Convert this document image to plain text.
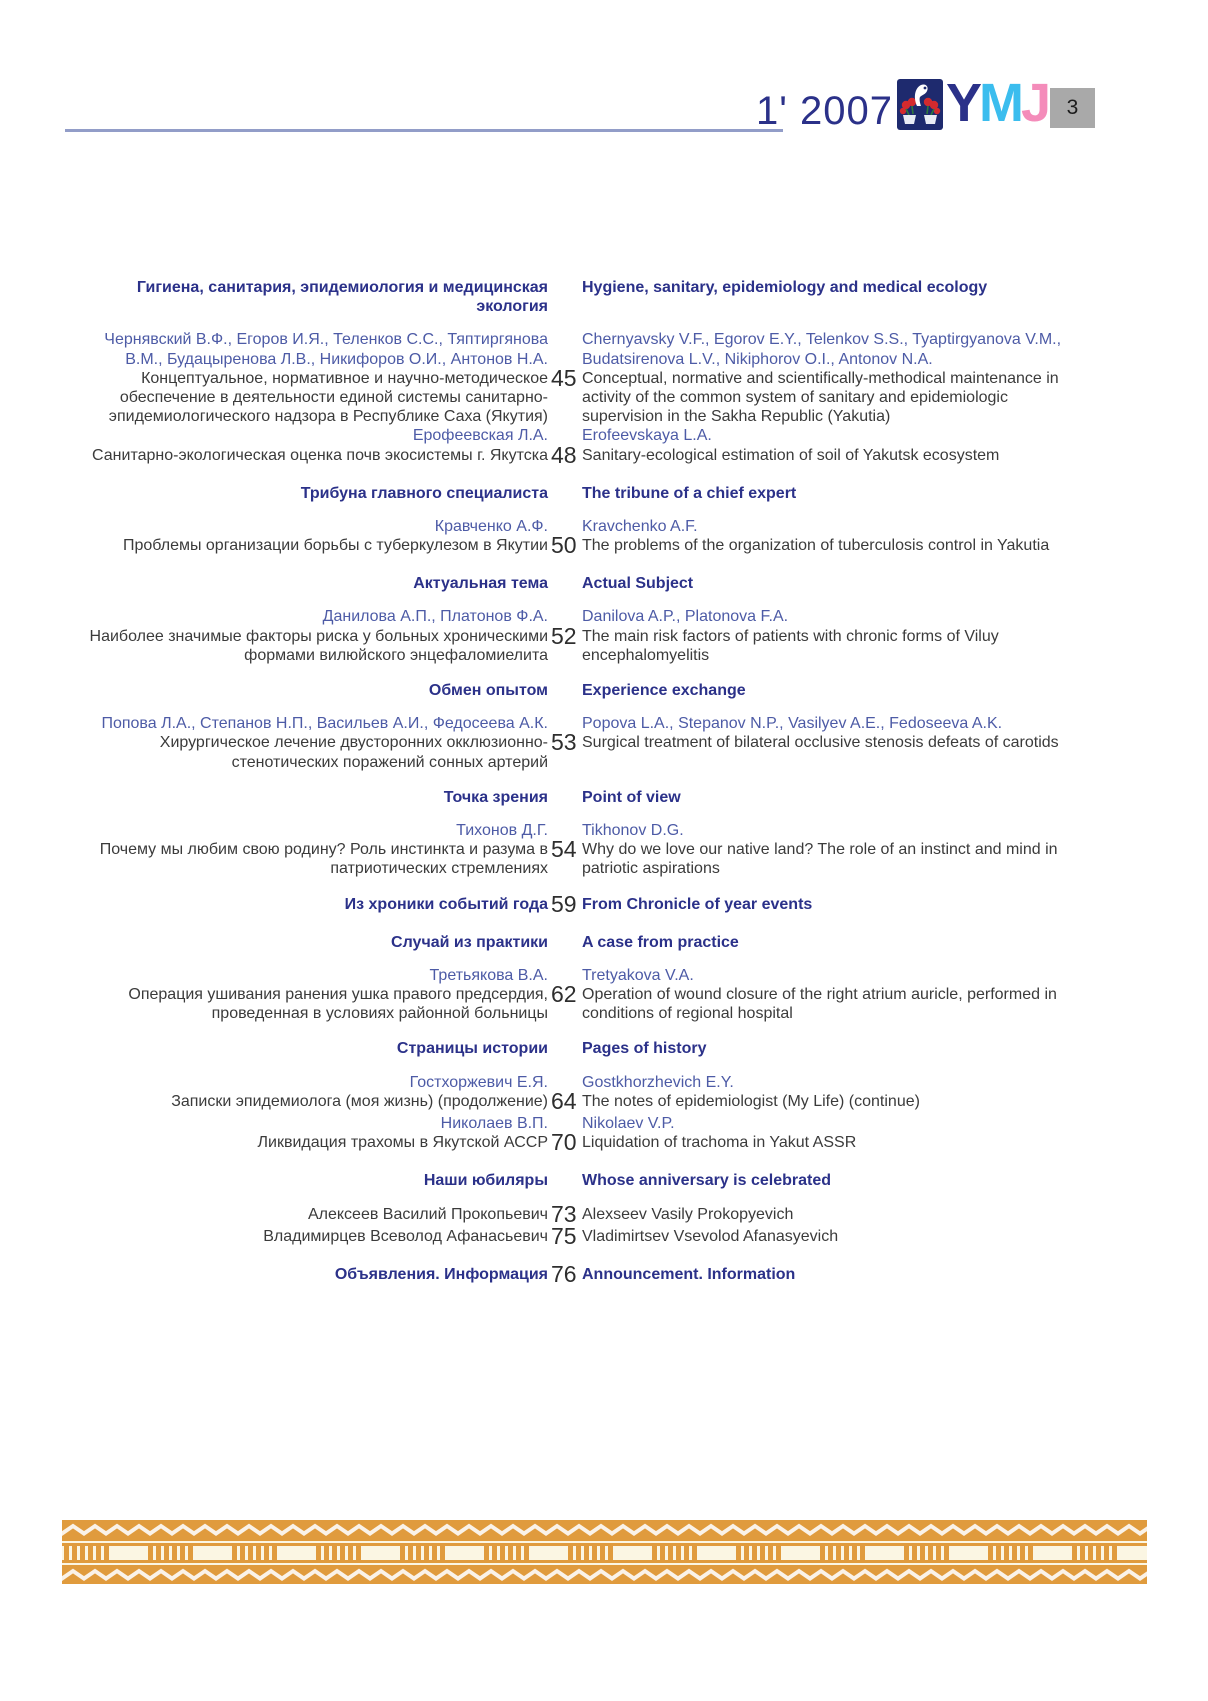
1' 2007 YMJ 3
Гигиена, санитария, эпидемиология и медицинская экология
Hygiene, sanitary, epidemiology and medical ecology
Чернявский В.Ф., Егоров И.Я., Теленков С.С., Тяптиргянова В.М., Будацыренова Л.В., Никифоров О.И., Антонов Н.А.
Chernyavsky V.F., Egorov E.Y., Telenkov S.S., Tyaptirgyanova V.M., Budatsirenova L.V., Nikiphorov O.I., Antonov N.A.
Концептуальное, нормативное и научно-методическое обеспечение в деятельности единой системы санитарно-эпидемиологического надзора в Республике Саха (Якутия)
45 Conceptual, normative and scientifically-methodical maintenance in activity of the common system of sanitary and epidemiologic supervision in the Sakha Republic (Yakutia)
Ерофеевская Л.А. Erofeevskaya L.A.
Санитарно-экологическая оценка почв экосистемы г. Якутска 48 Sanitary-ecological estimation of soil of Yakutsk ecosystem
Трибуна главного специалиста The tribune of a chief expert
Кравченко А.Ф. Kravchenko A.F.
Проблемы организации борьбы с туберкулезом в Якутии 50 The problems of the organization of tuberculosis control in Yakutia
Актуальная тема Actual Subject
Данилова А.П., Платонов Ф.А. Danilova A.P., Platonova F.A.
Наиболее значимые факторы риска у больных хроническими формами вилюйского энцефаломиелита
52 The main risk factors of patients with chronic forms of Viluy encephalomyelitis
Обмен опытом Experience exchange
Попова Л.А., Степанов Н.П., Васильев А.И., Федосеева А.К. Popova L.A., Stepanov N.P., Vasilyev A.E., Fedoseeva A.K.
Хирургическое лечение двусторонних окклюзионно-стенотических поражений сонных артерий
53 Surgical treatment of bilateral occlusive stenosis defeats of carotids
Точка зрения Point of view
Тихонов Д.Г. Tikhonov D.G.
Почему мы любим свою родину? Роль инстинкта и разума в патриотических стремлениях
54 Why do we love our native land? The role of an instinct and mind in patriotic aspirations
Из хроники событий года 59 From Chronicle of year events
Случай из практики A case from practice
Третьякова В.А. Tretyakova V.A.
Операция ушивания ранения ушка правого предсердия, проведенная в условиях районной больницы
62 Operation of wound closure of the right atrium auricle, performed in conditions of regional hospital
Страницы истории Pages of history
Гостхоржевич Е.Я. Gostkhorzhevich E.Y.
Записки эпидемиолога (моя жизнь) (продолжение) 64 The notes of epidemiologist (My Life) (continue)
Николаев В.П. Nikolaev V.P.
Ликвидация трахомы в Якутской АССР 70 Liquidation of trachoma in Yakut ASSR
Наши юбиляры Whose anniversary is celebrated
Алексеев Василий Прокопьевич 73 Alexseev Vasily Prokopyevich
Владимирцев Всеволод Афанасьевич 75 Vladimirtsev Vsevolod Afanasyevich
Объявления. Информация 76 Announcement. Information
